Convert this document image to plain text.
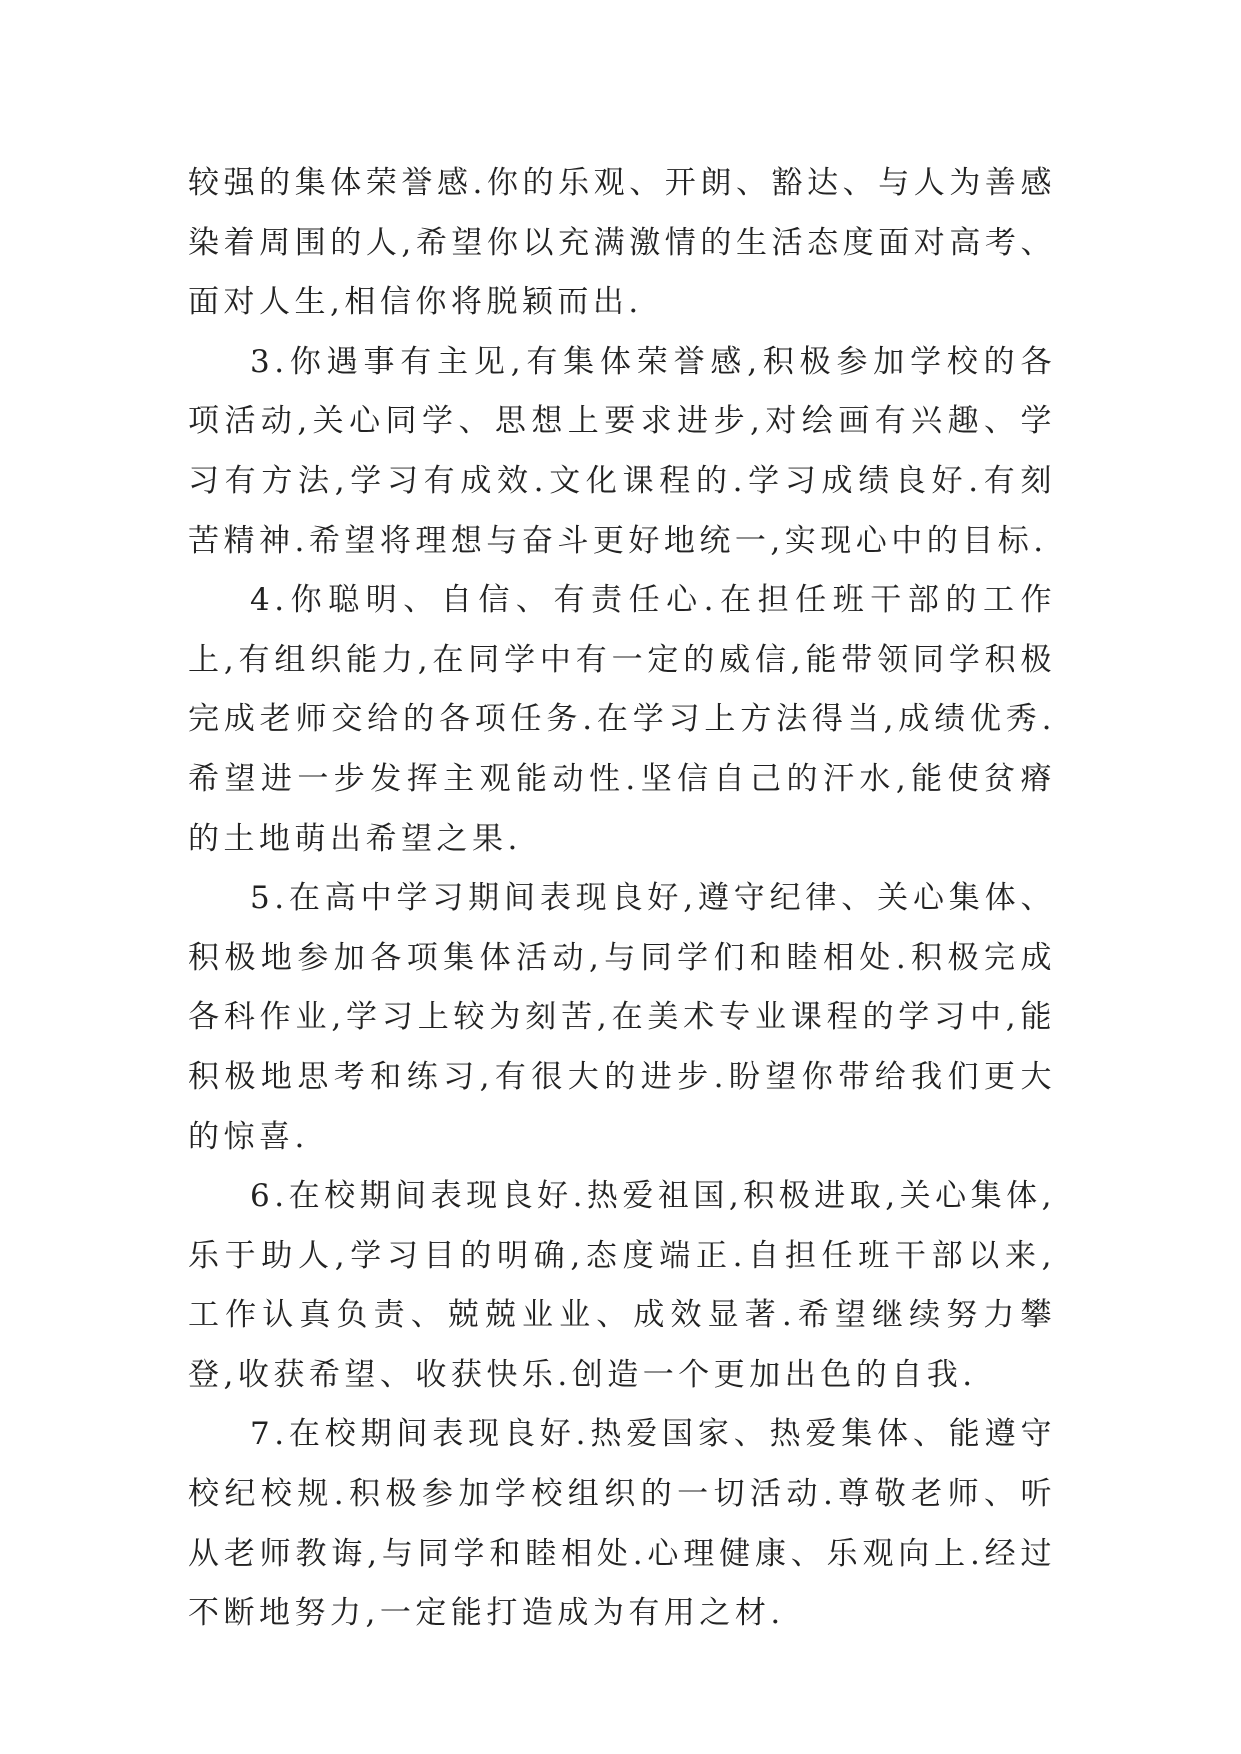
较强的集体荣誉感.你的乐观、开朗、豁达、与人为善感染着周围的人,希望你以充满激情的生活态度面对高考、面对人生,相信你将脱颖而出.

3.你遇事有主见,有集体荣誉感,积极参加学校的各项活动,关心同学、思想上要求进步,对绘画有兴趣、学习有方法,学习有成效.文化课程的.学习成绩良好.有刻苦精神.希望将理想与奋斗更好地统一,实现心中的目标.

4.你聪明、自信、有责任心.在担任班干部的工作上,有组织能力,在同学中有一定的威信,能带领同学积极完成老师交给的各项任务.在学习上方法得当,成绩优秀.希望进一步发挥主观能动性.坚信自己的汗水,能使贫瘠的土地萌出希望之果.

5.在高中学习期间表现良好,遵守纪律、关心集体、积极地参加各项集体活动,与同学们和睦相处.积极完成各科作业,学习上较为刻苦,在美术专业课程的学习中,能积极地思考和练习,有很大的进步.盼望你带给我们更大的惊喜.

6.在校期间表现良好.热爱祖国,积极进取,关心集体,乐于助人,学习目的明确,态度端正.自担任班干部以来,工作认真负责、兢兢业业、成效显著.希望继续努力攀登,收获希望、收获快乐.创造一个更加出色的自我.

7.在校期间表现良好.热爱国家、热爱集体、能遵守校纪校规.积极参加学校组织的一切活动.尊敬老师、听从老师教诲,与同学和睦相处.心理健康、乐观向上.经过不断地努力,一定能打造成为有用之材.
